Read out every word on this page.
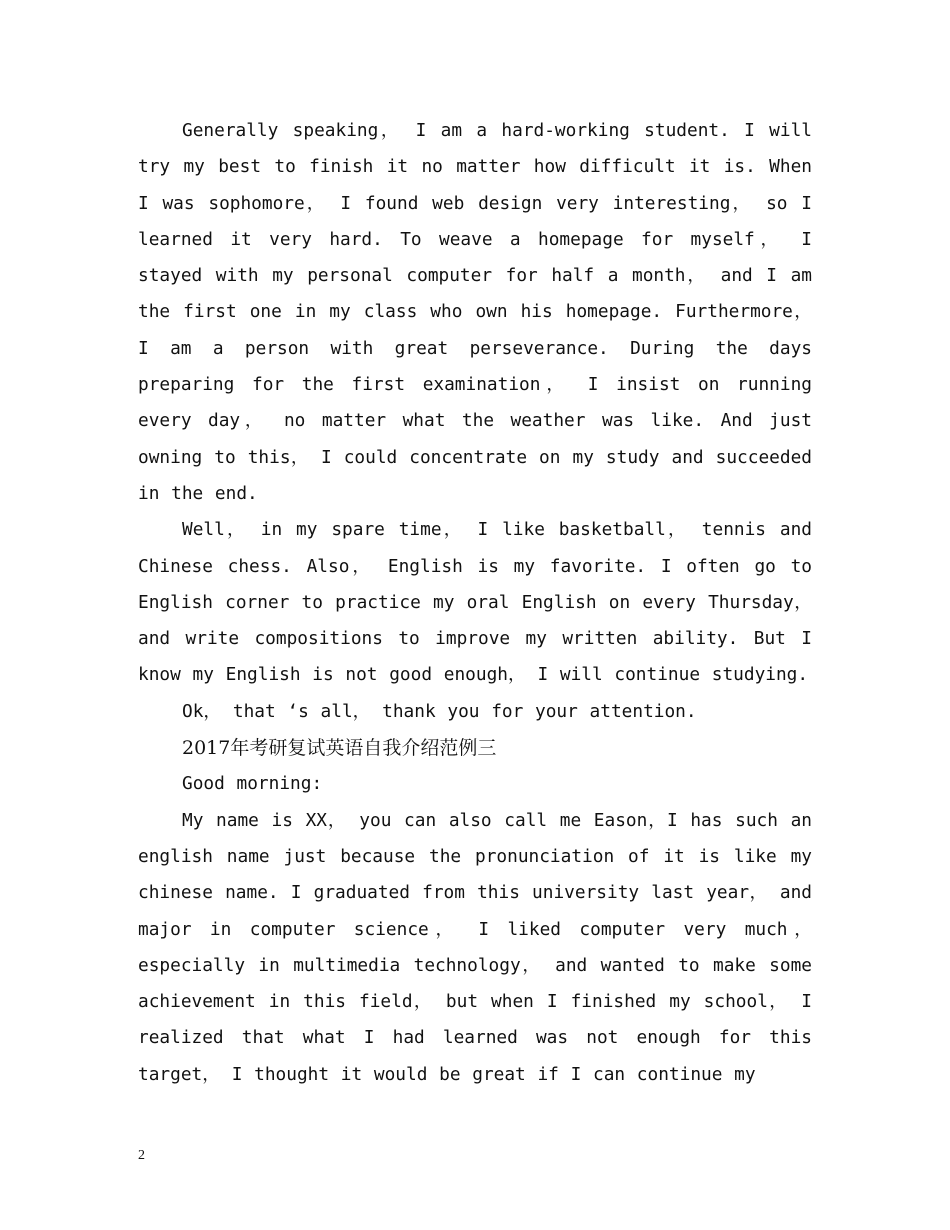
Generally speaking， I am a hard-working student. I will try my best to finish it no matter how difficult it is. When I was sophomore， I found web design very interesting， so I learned it very hard. To weave a homepage for myself， I stayed with my personal computer for half a month， and I am the first one in my class who own his homepage. Furthermore， I am a person with great perseverance. During the days preparing for the first examination， I insist on running every day， no matter what the weather was like. And just owning to this， I could concentrate on my study and succeeded in the end.

Well， in my spare time， I like basketball， tennis and Chinese chess. Also， English is my favorite. I often go to English corner to practice my oral English on every Thursday， and write compositions to improve my written ability. But I know my English is not good enough， I will continue studying.

Ok， that ‘s all， thank you for your attention.

2017年考研复试英语自我介绍范例三

Good morning:

My name is XX， you can also call me Eason，I has such an english name just because the pronunciation of it is like my chinese name. I graduated from this university last year， and major in computer science， I liked computer very much， especially in multimedia technology， and wanted to make some achievement in this field， but when I finished my school， I realized that what I had learned was not enough for this target， I thought it would be great if I can continue my

2
